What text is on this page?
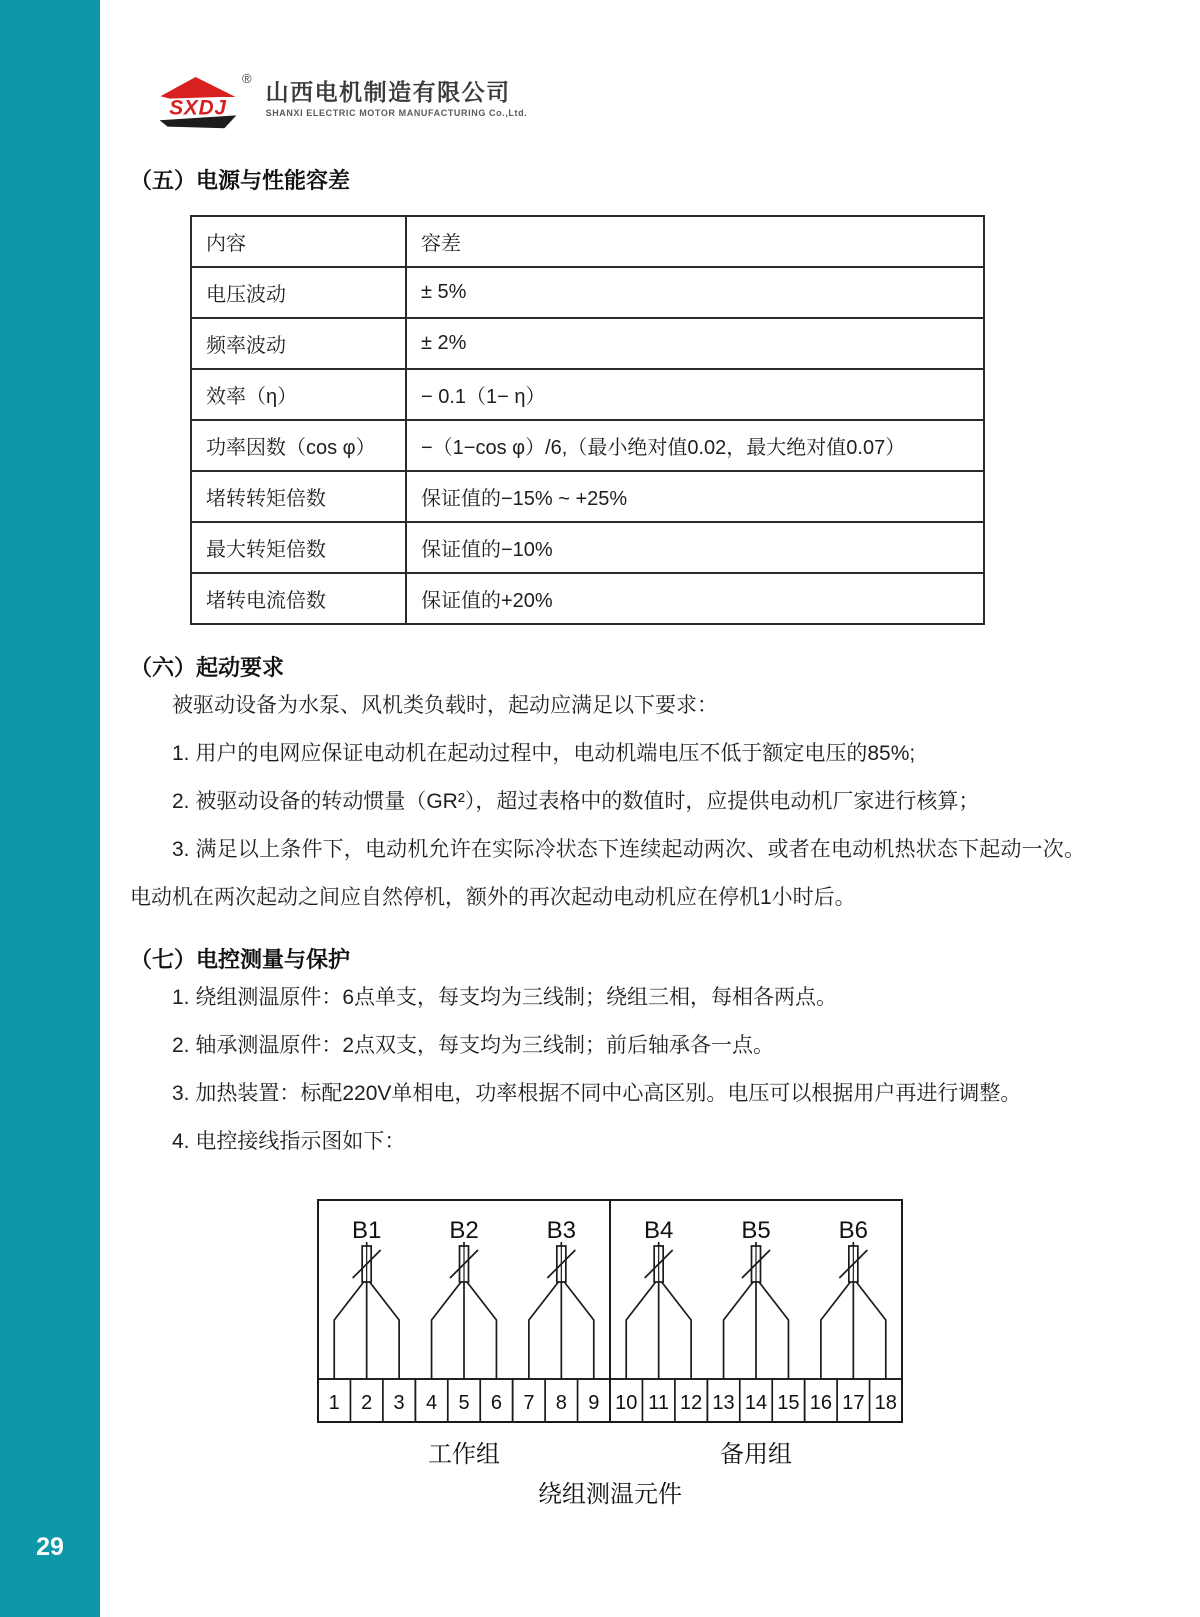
29
SXDJ
®
山西电机制造有限公司
SHANXI ELECTRIC MOTOR MANUFACTURING Co.,Ltd.
（五）电源与性能容差
内容	容差
电压波动	± 5%
频率波动	± 2%
效率（η）	− 0.1（1− η）
功率因数（cos φ）	−（1−cos φ）/6,（最小绝对值0.02，最大绝对值0.07）
堵转转矩倍数	保证值的−15% ~ +25%
最大转矩倍数	保证值的−10%
堵转电流倍数	保证值的+20%
（六）起动要求

被驱动设备为水泵、风机类负载时，起动应满足以下要求：

1. 用户的电网应保证电动机在起动过程中，电动机端电压不低于额定电压的85%;

2. 被驱动设备的转动惯量（GR²），超过表格中的数值时，应提供电动机厂家进行核算；

3. 满足以上条件下，电动机允许在实际冷状态下连续起动两次、或者在电动机热状态下起动一次。电动机在两次起动之间应自然停机，额外的再次起动电动机应在停机1小时后。

（七）电控测量与保护

1. 绕组测温原件：6点单支，每支均为三线制；绕组三相，每相各两点。

2. 轴承测温原件：2点双支，每支均为三线制；前后轴承各一点。

3. 加热装置：标配220V单相电，功率根据不同中心高区别。电压可以根据用户再进行调整。

4. 电控接线指示图如下：

1 2 3 4 5 6 7 8 9 10 11 12 13 14 15 16 17 18
B1	B2	B3	B4	B5	B6
工作组	备用组
绕组测温元件
